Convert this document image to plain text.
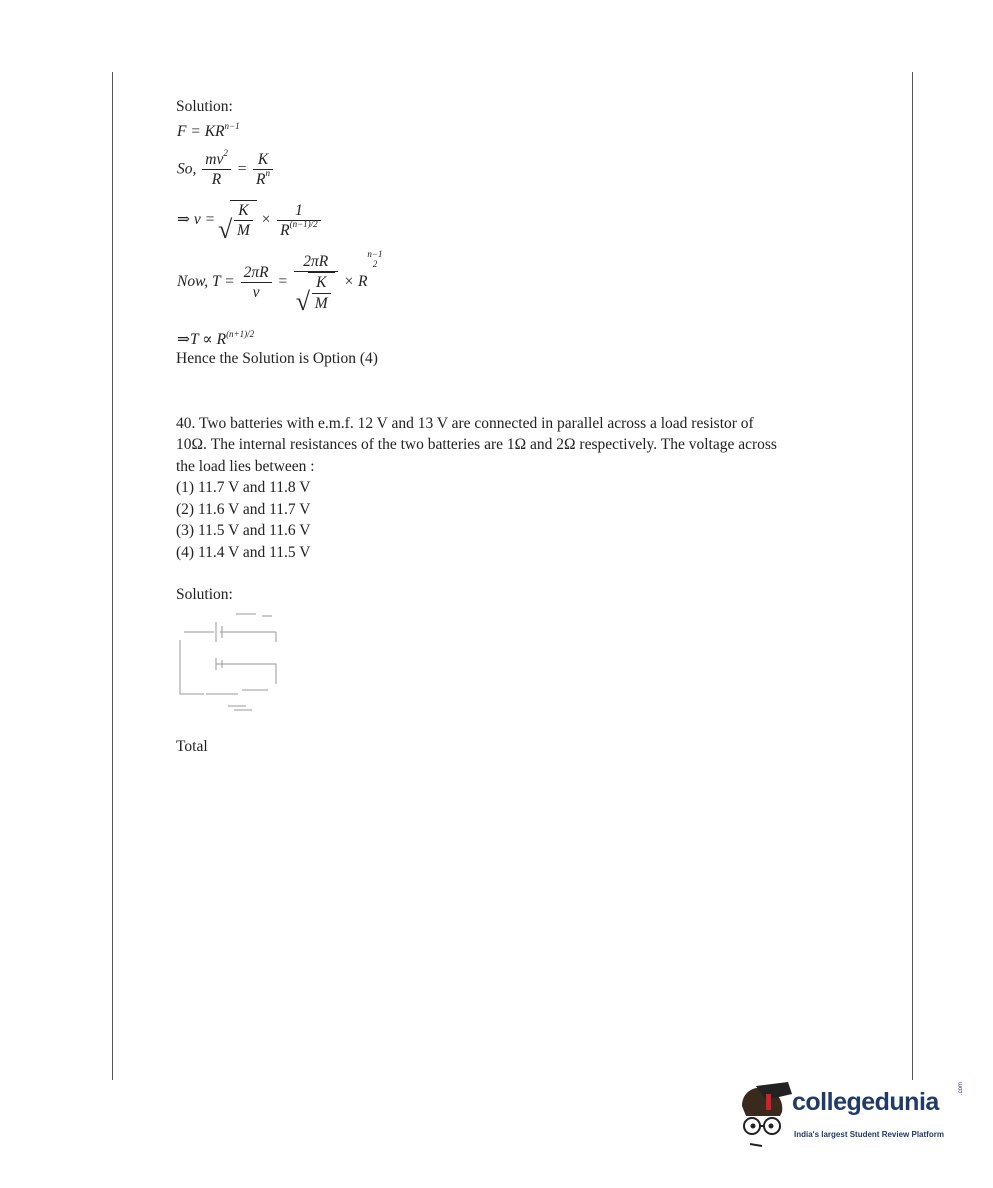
Solution:
$F = KR^{n-1}$
So, $\frac{mv^2}{R} = \frac{K}{R^n}$
⇒ v = √ $\frac{K}{M} \times \frac{1}{R^{(n-1)/2}}$
Now, $T = \frac{2\pi R}{v} = 2\pi R$
√ $\frac{K}{M} \times R$
$^{n-1 2}$
⇒T ∝ $R^{(n+1)/2}$
Hence the Solution is Option (4)
40. Two batteries with e.m.f. 12 V and 13 V are connected in parallel across a load resistor of
10Ω. The internal resistances of the two batteries are 1Ω and 2Ω respectively. The voltage across
the load lies between :
(1) 11.7 V and 11.8 V
(2) 11.6 V and 11.7 V
(3) 11.5 V and 11.6 V
(4) 11.4 V and 11.5 V
Solution:
Total
collegedunia	.com
India's largest Student Review Platform
